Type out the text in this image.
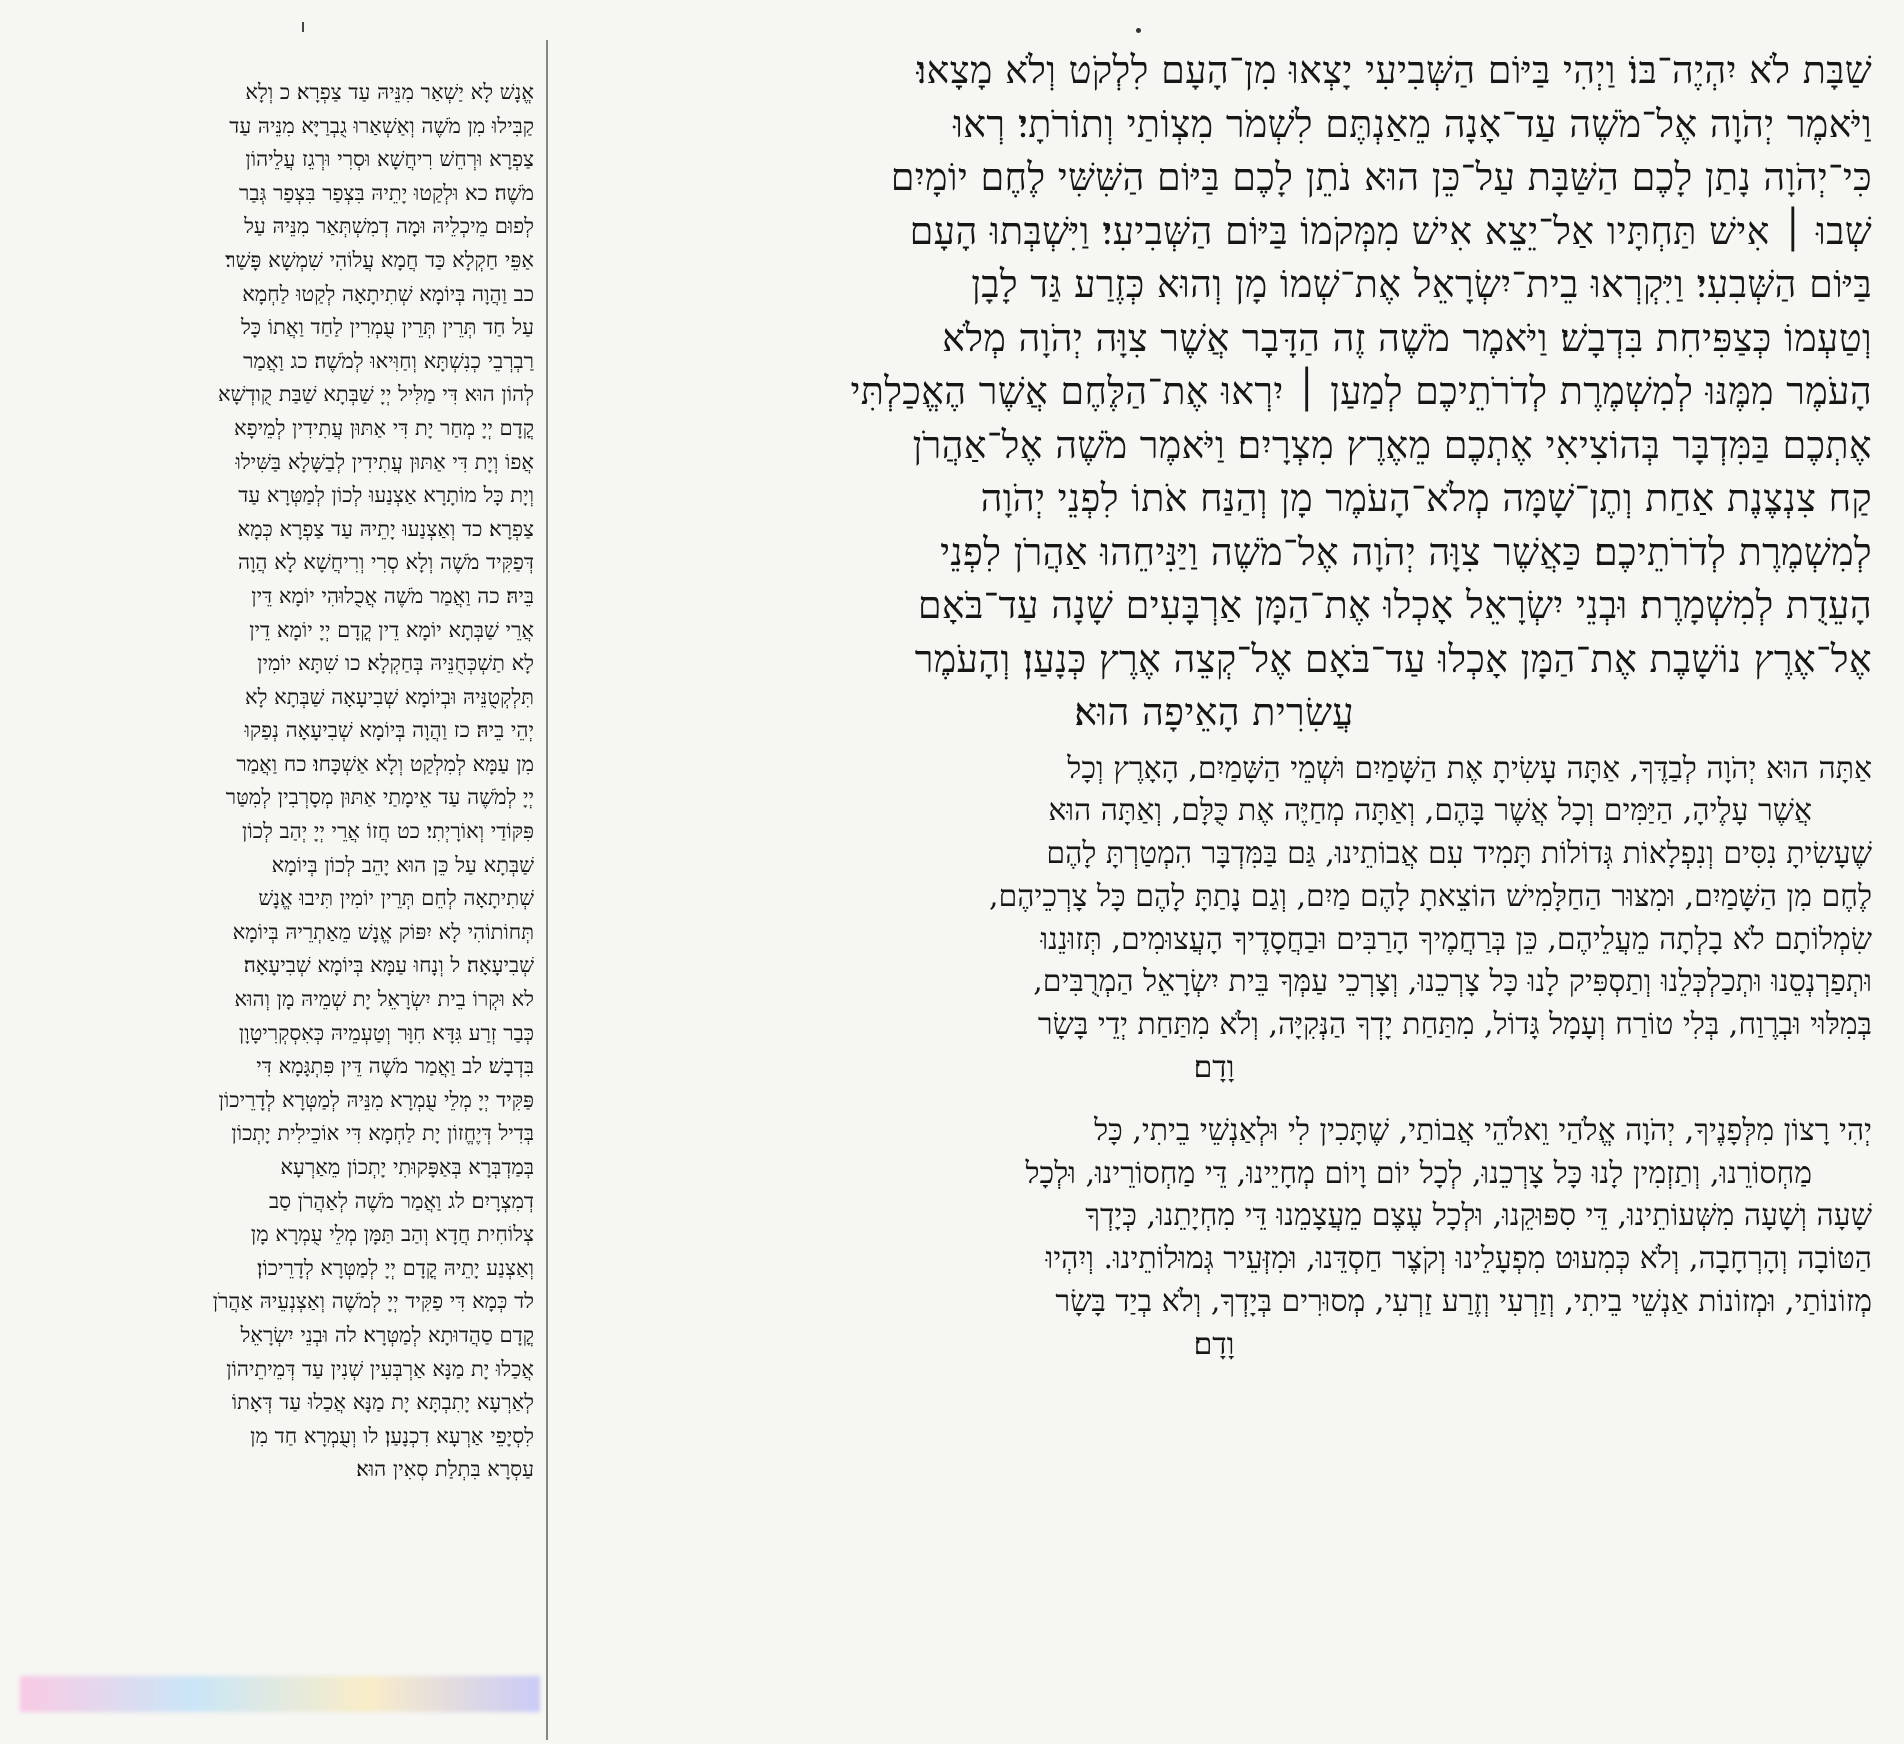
שַׁבָּת לֹא יִהְיֶה־בּוֹ׃ וַיְהִי בַּיּוֹם הַשְּׁבִיעִי יָצְאוּ מִן־הָעָם לִלְקֹט וְלֹא מָצָאוּ׃
וַיֹּאמֶר יְהֹוָה אֶל־מֹשֶׁה עַד־אָנָה מֵאַנְתֶּם לִשְׁמֹר מִצְוֹתַי וְתוֹרֹתָי׃ רְאוּ
כִּי־יְהֹוָה נָתַן לָכֶם הַשַּׁבָּת עַל־כֵּן הוּא נֹתֵן לָכֶם בַּיּוֹם הַשִּׁשִּׁי לֶחֶם יוֹמָיִם
שְׁבוּ ׀ אִישׁ תַּחְתָּיו אַל־יֵצֵא אִישׁ מִמְּקֹמוֹ בַּיּוֹם הַשְּׁבִיעִי׃ וַיִּשְׁבְּתוּ הָעָם
בַּיּוֹם הַשְּׁבִעִי׃ וַיִּקְרְאוּ בֵית־יִשְׂרָאֵל אֶת־שְׁמוֹ מָן וְהוּא כְּזֶרַע גַּד לָבָן
וְטַעְמוֹ כְּצַפִּיחִת בִּדְבָשׁ׃ וַיֹּאמֶר מֹשֶׁה זֶה הַדָּבָר אֲשֶׁר צִוָּה יְהֹוָה מְלֹא
הָעֹמֶר מִמֶּנּוּ לְמִשְׁמֶרֶת לְדֹרֹתֵיכֶם לְמַעַן ׀ יִרְאוּ אֶת־הַלֶּחֶם אֲשֶׁר הֶאֱכַלְתִּי
אֶתְכֶם בַּמִּדְבָּר בְּהוֹצִיאִי אֶתְכֶם מֵאֶרֶץ מִצְרָיִם׃ וַיֹּאמֶר מֹשֶׁה אֶל־אַהֲרֹן
קַח צִנְצֶנֶת אַחַת וְתֶן־שָׁמָּה מְלֹא־הָעֹמֶר מָן וְהַנַּח אֹתוֹ לִפְנֵי יְהֹוָה
לְמִשְׁמֶרֶת לְדֹרֹתֵיכֶם׃ כַּאֲשֶׁר צִוָּה יְהֹוָה אֶל־מֹשֶׁה וַיַּנִּיחֵהוּ אַהֲרֹן לִפְנֵי
הָעֵדֻת לְמִשְׁמָרֶת׃ וּבְנֵי יִשְׂרָאֵל אָכְלוּ אֶת־הַמָּן אַרְבָּעִים שָׁנָה עַד־בֹּאָם
אֶל־אֶרֶץ נוֹשָׁבֶת אֶת־הַמָּן אָכְלוּ עַד־בֹּאָם אֶל־קְצֵה אֶרֶץ כְּנָעַן׃ וְהָעֹמֶר
עֲשִׂרִית הָאֵיפָה הוּא׃
אַתָּה הוּא יְהֹוָה לְבַדֶּךָ, אַתָּה עָשִׂיתָ אֶת הַשָּׁמַיִם וּשְׁמֵי הַשָּׁמַיִם, הָאָרֶץ וְכָל
אֲשֶׁר עָלֶיהָ, הַיַּמִּים וְכָל אֲשֶׁר בָּהֶם, וְאַתָּה מְחַיֶּה אֶת כֻּלָּם, וְאַתָּה הוּא
שֶׁעָשִׂיתָ נִסִּים וְנִפְלָאוֹת גְּדוֹלוֹת תָּמִיד עִם אֲבוֹתֵינוּ, גַּם בַּמִּדְבָּר הִמְטַרְתָּ לָהֶם
לֶחֶם מִן הַשָּׁמַיִם, וּמִצּוּר הַחַלָּמִישׁ הוֹצֵאתָ לָהֶם מַיִם, וְגַם נָתַתָּ לָהֶם כָּל צָרְכֵיהֶם,
שִׂמְלוֹתָם לֹא בָלְתָה מֵעֲלֵיהֶם, כֵּן בְּרַחֲמֶיךָ הָרַבִּים וּבַחֲסָדֶיךָ הָעֲצוּמִים, תְּזוּנֵנוּ
וּתְפַרְנְסֵנוּ וּתְכַלְכְּלֵנוּ וְתַסְפִּיק לָנוּ כָּל צָרְכֵנוּ, וְצָרְכֵי עַמְּךָ בֵּית יִשְׂרָאֵל הַמְרֻבִּים,
בְּמִלּוּי וּבְרֶוַח, בְּלִי טוֹרַח וְעָמָל גָּדוֹל, מִתַּחַת יָדְךָ הַנְּקִיָּה, וְלֹא מִתַּחַת יְדֵי בָּשָׂר
וָדָם׃
יְהִי רָצוֹן מִלְּפָנֶיךָ, יְהֹוָה אֱלֹהַי וֵאלֹהֵי אֲבוֹתַי, שֶׁתָּכִין לִי וּלְאַנְשֵׁי בֵיתִי, כָּל
מַחְסוֹרֵנוּ, וְתַזְמִין לָנוּ כָּל צָרְכֵנוּ, לְכָל יוֹם וָיוֹם מְחָיֵינוּ, דֵּי מַחְסוֹרֵינוּ, וּלְכָל
שָׁעָה וְשָׁעָה מִשְּׁעוֹתֵינוּ, דֵּי סִפּוּקֵנוּ, וּלְכָל עֶצֶם מֵעֲצָמֵנוּ דֵּי מִחְיָתֵנוּ, כְּיָדְךָ
הַטּוֹבָה וְהָרְחָבָה, וְלֹא כְּמִעוּט מִפְעָלֵינוּ וְקֹצֶר חַסְדֵּנוּ, וּמִזְּעֵיר גְּמוּלוֹתֵינוּ. וְיִהְיוּ
מְזוֹנוֹתַי, וּמְזוֹנוֹת אַנְשֵׁי בֵיתִי, וְזַרְעִי וְזֶרַע זַרְעִי, מְסוּרִים בְּיָדְךָ, וְלֹא בְיַד בָּשָׂר
וָדָם׃
אֱנָשׁ לָא יַשְׁאַר מִנֵּיהּ עַד צַפְרָא׃ כ וְלָא
קַבִּילוּ מִן מֹשֶׁה וְאַשְׁאַרוּ גֻבְרַיָּא מִנֵּיהּ עַד
צַפְרָא וּרְחֵשׁ רִיחֲשָׁא וּסְרִי וּרְגֵז עֲלֵיהוֹן
מֹשֶׁה׃ כא וּלְקַטוּ יָתֵיהּ בִּצְפַר בִּצְפַר גְּבַר
לְפוּם מֵיכְלֵיהּ וּמָה דְמִשְׁתְּאַר מִנֵּיהּ עַל
אַפֵּי חַקְלָא כַּד חֲמָא עֲלוֹהִי שִׁמְשָׁא פָּשַׁר׃
כב וַהֲוָה בְּיוֹמָא שְׁתִיתָאָה לְקַטוּ לַחְמָא
עַל חַד תְּרֵין תְּרֵין עֻמְרִין לַחַד וַאֲתוֹ כָּל
רַבְרְבֵי כְנִשְׁתָּא וְחַוִּיאוּ לְמֹשֶׁה׃ כג וַאֲמַר
לְהוֹן הוּא דִּי מַלִּיל יְיָ שַׁבְּתָא שַׁבַּת קֻודְשָׁא
קֳדָם יְיָ מְחַר יָת דִּי אַתּוּן עֲתִידִין לְמֵיפָא
אֲפוֹ וְיָת דִּי אַתּוּן עֲתִידִין לְבַשָּׁלָא בַּשִּׁילוּ
וְיָת כָּל מוֹתָרָא אַצְנַעוּ לְכוֹן לְמַטְּרָא עַד
צַפְרָא׃ כד וְאַצְנַעוּ יָתֵיהּ עַד צַפְרָא כְּמָא
דְּפַקִּיד מֹשֶׁה וְלָא סְרִי וְרִיחֲשָׁא לָא הֲוָה
בֵּיהּ׃ כה וַאֲמַר מֹשֶׁה אֲכֻלוּהִי יוֹמָא דֵּין
אֲרֵי שַׁבְּתָא יוֹמָא דֵין קֳדָם יְיָ יוֹמָא דֵין
לָא תַשְׁכְּחֻנֵּיהּ בְּחַקְלָא׃ כו שִׁתָּא יוֹמִין
תִּלְקְטֻנֵּיהּ וּבְיוֹמָא שְׁבִיעָאָה שַׁבְּתָא לָא
יְהֵי בֵיהּ׃ כז וַהֲוָה בְּיוֹמָא שְׁבִיעָאָה נְפַקוּ
מִן עַמָּא לְמִלְקַט וְלָא אַשְׁכָּחוּ׃ כח וַאֲמַר
יְיָ לְמֹשֶׁה עַד אֵימָתַי אַתּוּן מְסָרְבִין לְמִטַּר
פִּקּוֹדַי וְאוֹרָיְתִי׃ כט חֲזוֹ אֲרֵי יְיָ יְהַב לְכוֹן
שַׁבְּתָא עַל כֵּן הוּא יָהֵב לְכוֹן בְּיוֹמָא
שְׁתִיתָאָה לְחֵם תְּרֵין יוֹמִין תִּיבוּ אֱנָשׁ
תְּחוֹתוֹהִי לָא יִפּוֹק אֱנָשׁ מֵאַתְרֵיהּ בְּיוֹמָא
שְׁבִיעָאָה׃ ל וְנָחוּ עַמָּא בְּיוֹמָא שְׁבִיעָאָה׃
לא וּקְרוֹ בֵית יִשְׂרָאֵל יָת שְׁמֵיהּ מָן וְהוּא
כְּבַר זְרַע גִּדָּא חִוָּר וְטַעְמֵיהּ כְּאִסְקְרִיטָוָן
בִּדְבָשׁ׃ לב וַאֲמַר מֹשֶׁה דֵּין פִּתְגָּמָא דִּי
פַּקִּיד יְיָ מְלֵי עֻמְרָא מִנֵּיהּ לְמַטְּרָא לְדָרֵיכוֹן
בְּדִיל דְּיֶחֱזוֹן יָת לַחְמָא דִּי אוֹכֵילִית יָתְכוֹן
בְּמַדְבְּרָא בְּאַפָּקוּתִי יָתְכוֹן מֵאַרְעָא
דְמִצְרָיִם׃ לג וַאֲמַר מֹשֶׁה לְאַהֲרֹן סַב
צְלוֹחִית חֲדָא וְהַב תַּמָּן מְלֵי עֻמְרָא מָן
וְאַצְנַע יָתֵיהּ קֳדָם יְיָ לְמַטְּרָא לְדָרֵיכוֹן׃
לד כְּמָא דִּי פַקִּיד יְיָ לְמֹשֶׁה וְאַצְנְעֵיהּ אַהֲרֹן
קֳדָם סַהֲדוּתָא לְמַטְּרָא׃ לה וּבְנֵי יִשְׂרָאֵל
אֲכַלוּ יָת מַנָּא אַרְבְּעִין שְׁנִין עַד דְּמֵיתֵיהוֹן
לְאַרְעָא יָתִבְתָּא יָת מַנָּא אֲכַלוּ עַד דְּאָתוֹ
לִסְיָפֵי אַרְעָא דִכְנָעַן׃ לו וְעֻמְרָא חַד מִן
עַסְרָא בִּתְלַת סְאִין הוּא׃
